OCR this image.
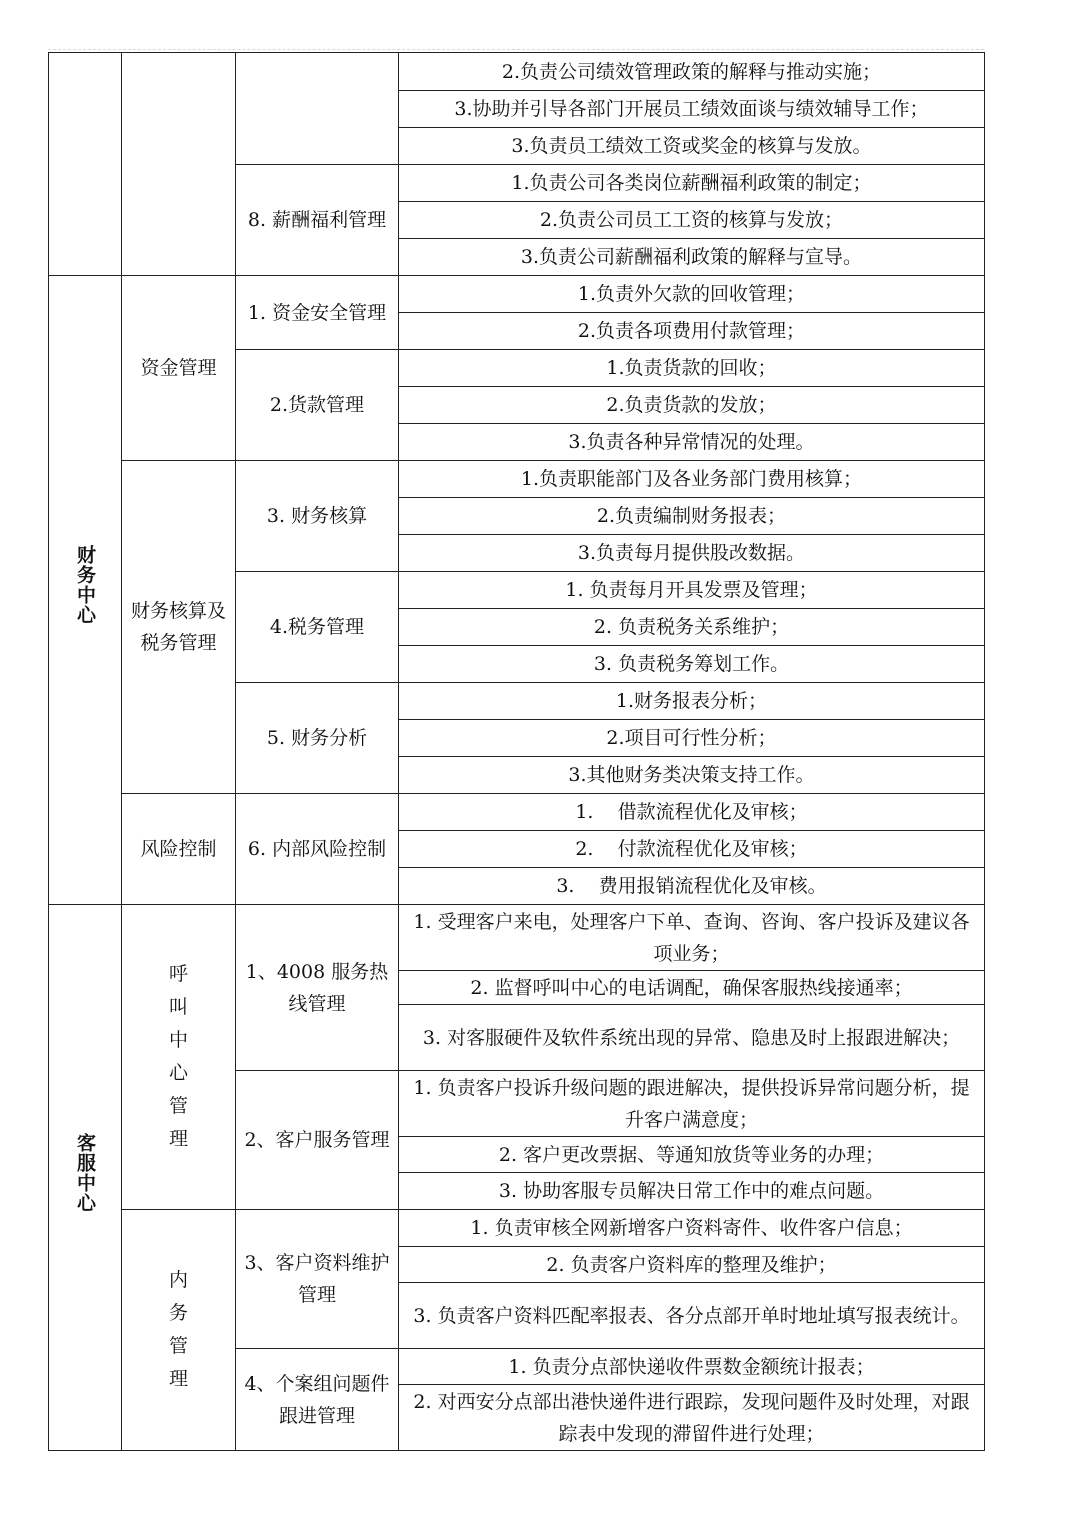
			2.负责公司绩效管理政策的解释与推动实施；
			3.协助并引导各部门开展员工绩效面谈与绩效辅导工作；
			3.负责员工绩效工资或奖金的核算与发放。
		8. 薪酬福利管理	1.负责公司各类岗位薪酬福利政策的制定；
			2.负责公司员工工资的核算与发放；
			3.负责公司薪酬福利政策的解释与宣导。
财务中心	资金管理	1. 资金安全管理	1.负责外欠款的回收管理；
			2.负责各项费用付款管理；
		2.货款管理	1.负责货款的回收；
			2.负责货款的发放；
			3.负责各种异常情况的处理。
	财务核算及税务管理	3. 财务核算	1.负责职能部门及各业务部门费用核算；
			2.负责编制财务报表；
			3.负责每月提供股改数据。
		4.税务管理	1. 负责每月开具发票及管理；
			2. 负责税务关系维护；
			3. 负责税务筹划工作。
		5. 财务分析	1.财务报表分析；
			2.项目可行性分析；
			3.其他财务类决策支持工作。
	风险控制	6. 内部风险控制	1.    借款流程优化及审核；
			2.    付款流程优化及审核；
			3.    费用报销流程优化及审核。
客服中心	呼叫中心管理	1、4008 服务热线管理	1. 受理客户来电，处理客户下单、查询、咨询、客户投诉及建议各项业务；
			2. 监督呼叫中心的电话调配，确保客服热线接通率；
			3. 对客服硬件及软件系统出现的异常、隐患及时上报跟进解决；
		2、客户服务管理	1. 负责客户投诉升级问题的跟进解决，提供投诉异常问题分析，提升客户满意度；
			2. 客户更改票据、等通知放货等业务的办理；
			3. 协助客服专员解决日常工作中的难点问题。
	内务管理	3、客户资料维护管理	1. 负责审核全网新增客户资料寄件、收件客户信息；
			2. 负责客户资料库的整理及维护；
			3. 负责客户资料匹配率报表、各分点部开单时地址填写报表统计。
		4、个案组问题件跟进管理	1. 负责分点部快递收件票数金额统计报表；
			2. 对西安分点部出港快递件进行跟踪，发现问题件及时处理，对跟踪表中发现的滞留件进行处理；
